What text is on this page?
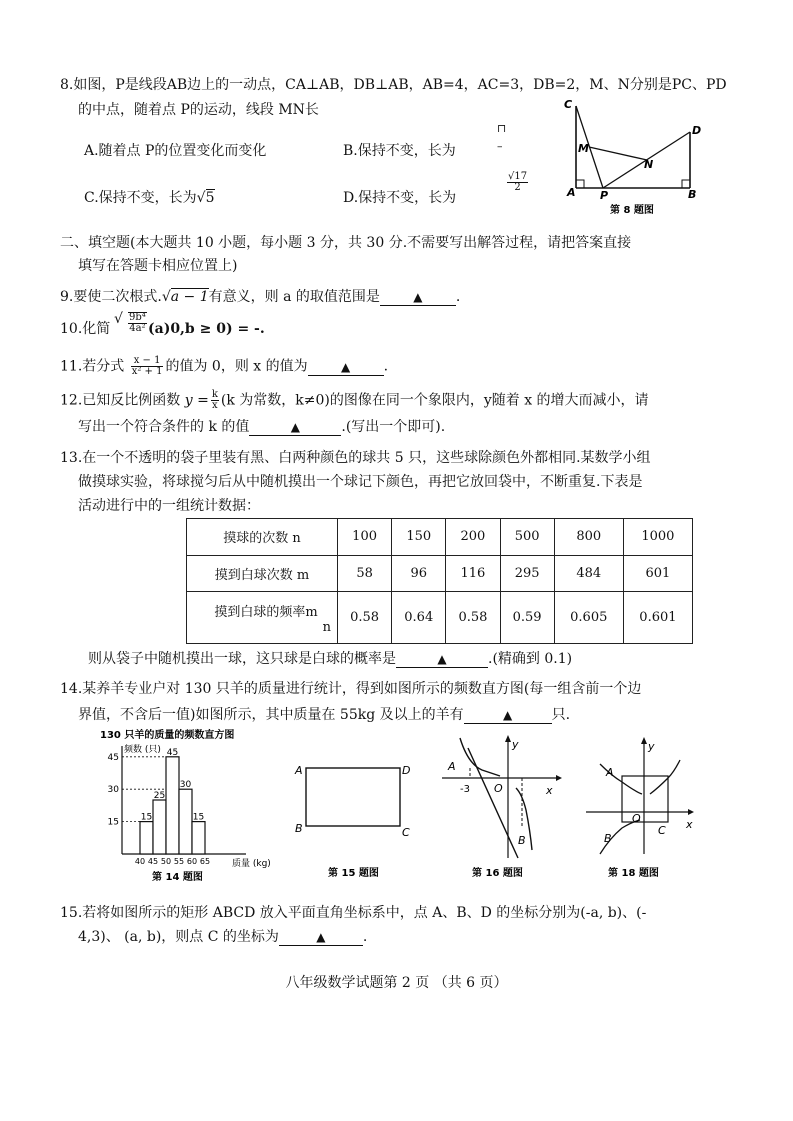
8.如图，P是线段AB边上的一动点，CA⊥AB，DB⊥AB，AB=4，AC=3，DB=2，M、N分别是PC、PD
的中点，随着点 P的运动，线段 MN长
A.随着点 P的位置变化而变化	B.保持不变，长为
⊓
–
C.保持不变，长为√5	D.保持不变，长为
$\frac{√17}{2}$
C
D
M
N
A P	B
第 8 题图
二、填空题(本大题共 10 小题，每小题 3 分，共 30 分.不需要写出解答过程，请把答案直接
填写在答题卡相应位置上)
9.要使二次根式.√a − 1有意义，则 a 的取值范围是	▲ .
10.化简
√ $\frac{\text{9b⁴}}{\text{4a²}} (a)0,b \ge 0$) = -.
11.若分式 $\frac{x - 1}{\text{x² + 1}}$ 的值为 0，则 x 的值为	▲ .
12.已知反比例函数 $y = \frac{k}{x} (k$ 为常数，k≠0)的图像在同一个象限内，y随着 x 的增大而减小，请
写出一个符合条件的 k 的值	▲	.(写出一个即可).
13.在一个不透明的袋子里装有黑、白两种颜色的球共 5 只，这些球除颜色外都相同.某数学小组
做摸球实验，将球搅匀后从中随机摸出一个球记下颜色，再把它放回袋中，不断重复.下表是
活动进行中的一组统计数据：
摸球的次数 n	100	150	200	500	800	1000
摸到白球次数 m	58	96	116	295	484	601

摸到白球的频率m
n	0.58	0.64	0.58	0.59	0.605	0.601
则从袋子中随机摸出一球，这只球是白球的概率是	▲	.(精确到 0.1)
14.某养羊专业户对 130 只羊的质量进行统计，得到如图所示的频数直方图(每一组含前一个边
界值，不含后一值)如图所示，其中质量在 55kg 及以上的羊有	▲	只.
130 只羊的质量的频数直方图
频数 (只)
质量 (kg)
15
25
45
30
15
15
30
45
40 45 50 55 60 65
第 14 题图
A	D
B	C
第 15 题图
y
x
A
B
O
-3
第 16 题图
y
x
A
B
O
C
第 18 题图
15.若将如图所示的矩形 ABCD 放入平面直角坐标系中，点 A、B、D 的坐标分别为(-a, b)、(-
4,3)、 (a, b)，则点 C 的坐标为	▲	.
八年级数学试题第 2 页 （共 6 页）
